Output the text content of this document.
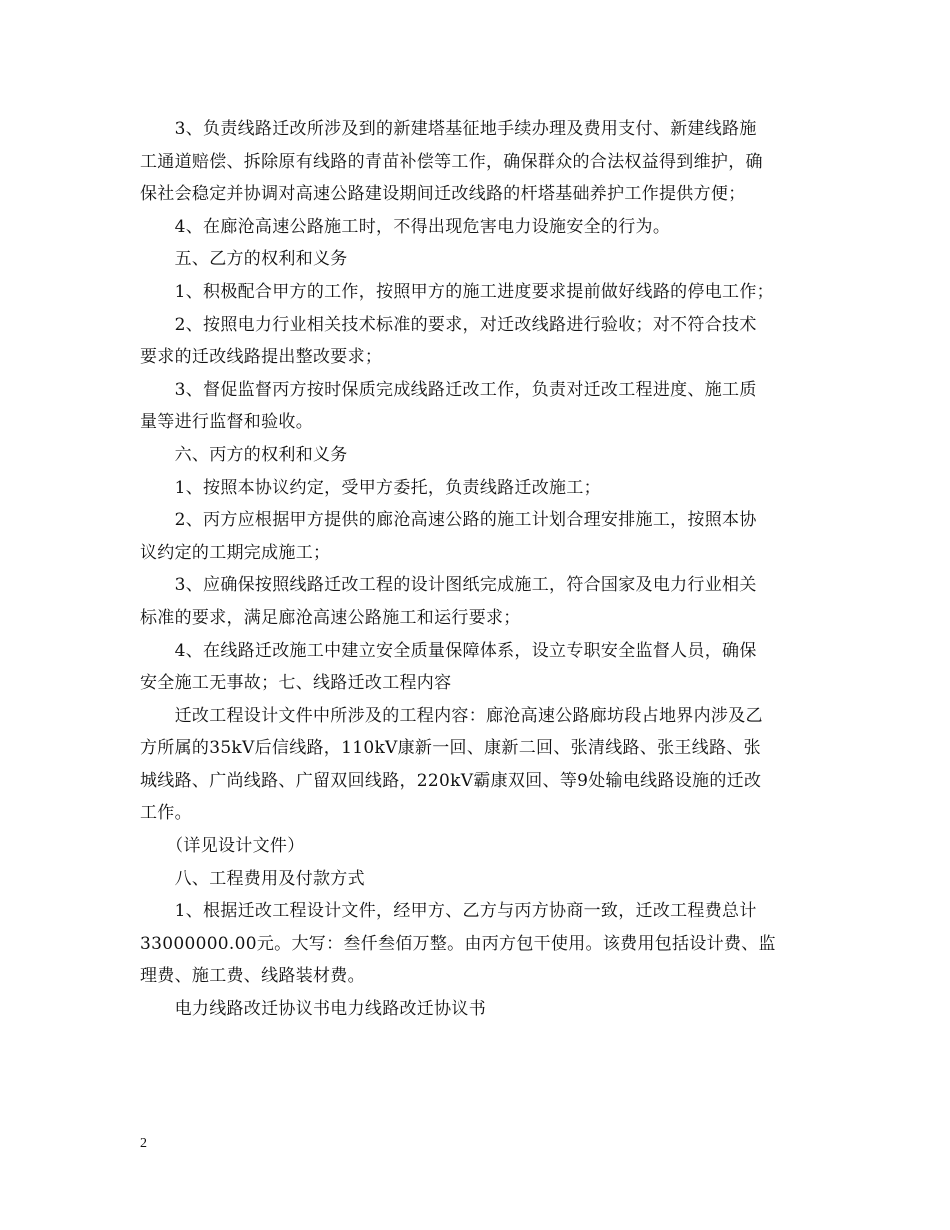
　　3、负责线路迁改所涉及到的新建塔基征地手续办理及费用支付、新建线路施
工通道赔偿、拆除原有线路的青苗补偿等工作，确保群众的合法权益得到维护，确
保社会稳定并协调对高速公路建设期间迁改线路的杆塔基础养护工作提供方便；
　　4、在廊沧高速公路施工时，不得出现危害电力设施安全的行为。
　　五、乙方的权利和义务
　　1、积极配合甲方的工作，按照甲方的施工进度要求提前做好线路的停电工作；
　　2、按照电力行业相关技术标准的要求，对迁改线路进行验收；对不符合技术
要求的迁改线路提出整改要求；
　　3、督促监督丙方按时保质完成线路迁改工作，负责对迁改工程进度、施工质
量等进行监督和验收。
　　六、丙方的权利和义务
　　1、按照本协议约定，受甲方委托，负责线路迁改施工；
　　2、丙方应根据甲方提供的廊沧高速公路的施工计划合理安排施工，按照本协
议约定的工期完成施工；
　　3、应确保按照线路迁改工程的设计图纸完成施工，符合国家及电力行业相关
标准的要求，满足廊沧高速公路施工和运行要求；
　　4、在线路迁改施工中建立安全质量保障体系，设立专职安全监督人员，确保
安全施工无事故；七、线路迁改工程内容
　　迁改工程设计文件中所涉及的工程内容：廊沧高速公路廊坊段占地界内涉及乙
方所属的35kV后信线路，110kV康新一回、康新二回、张清线路、张王线路、张
城线路、广尚线路、广留双回线路，220kV霸康双回、等9处输电线路设施的迁改
工作。
　　（详见设计文件）
　　八、工程费用及付款方式
　　1、根据迁改工程设计文件，经甲方、乙方与丙方协商一致，迁改工程费总计
33000000.00元。大写：叁仟叁佰万整。由丙方包干使用。该费用包括设计费、监
理费、施工费、线路装材费。
　　电力线路改迁协议书电力线路改迁协议书

2
